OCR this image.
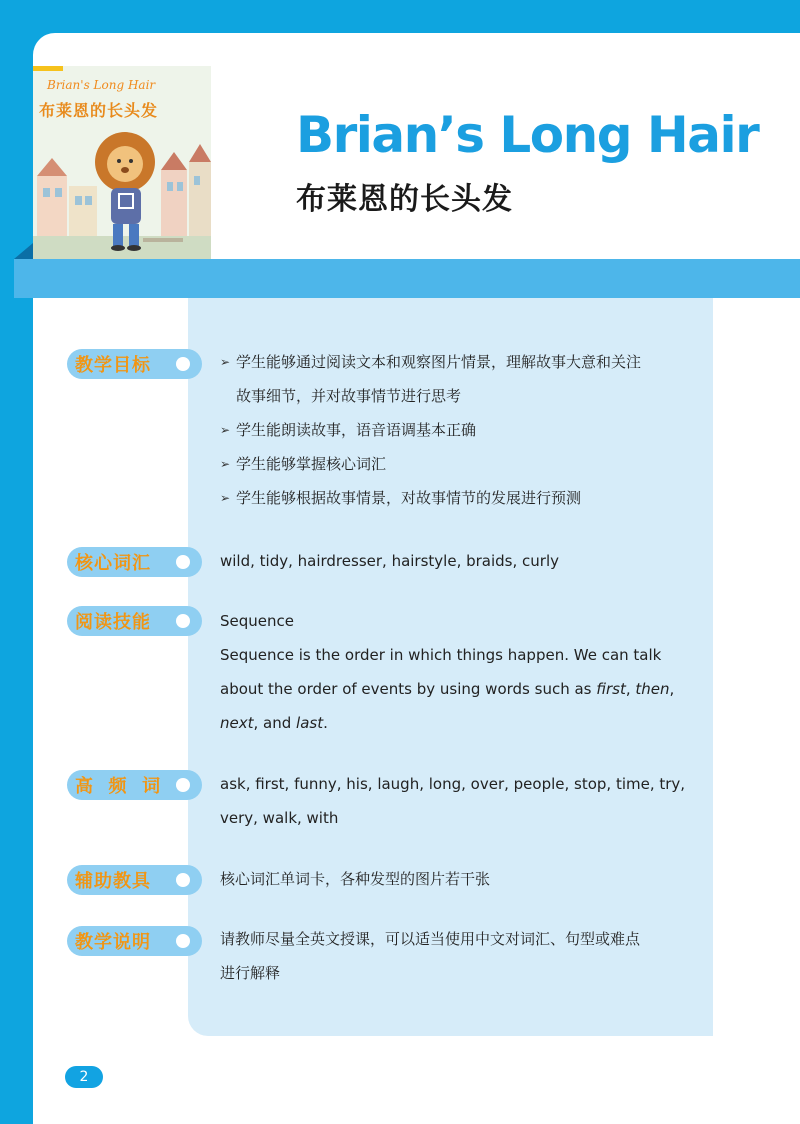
Brian's Long Hair
布莱恩的长头发	Brian’s Long Hair
布莱恩的长头发
教学目标
➢	学生能够通过阅读文本和观察图片情景，理解故事大意和关注
故事细节，并对故事情节进行思考
➢ 学生能朗读故事，语音语调基本正确
➢ 学生能够掌握核心词汇
➢ 学生能够根据故事情景，对故事情节的发展进行预测
核心词汇	wild, tidy, hairdresser, hairstyle, braids, curly
阅读技能	Sequence
Sequence is the order in which things happen. We can talk
about the order of events by using words such as first, then,
next, and last.
高  频  词	ask, first, funny, his, laugh, long, over, people, stop, time, try,
very, walk, with
辅助教具	核心词汇单词卡，各种发型的图片若干张
教学说明	请教师尽量全英文授课，可以适当使用中文对词汇、句型或难点
进行解释
2
